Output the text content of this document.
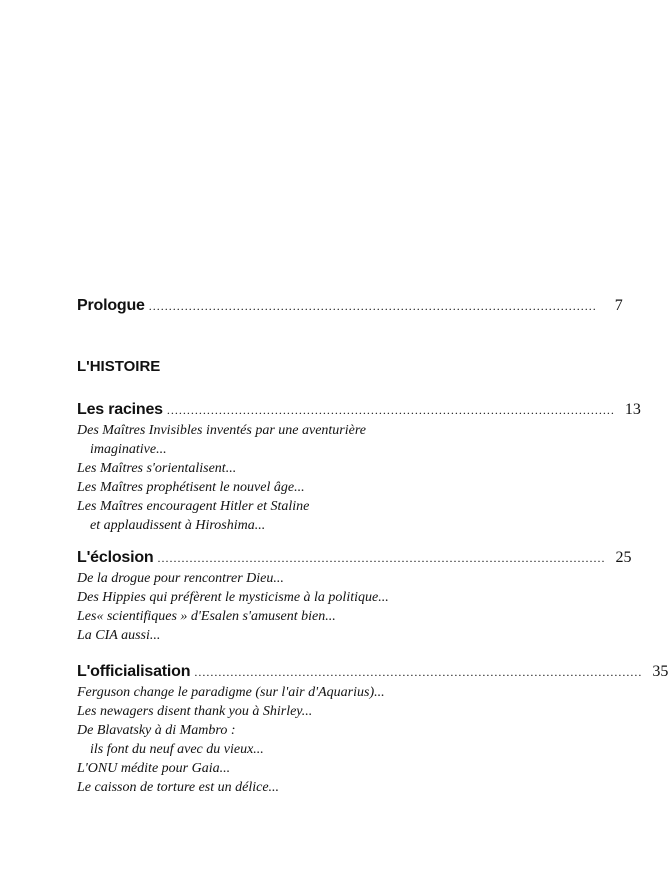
Prologue ................................................................................................................	7
L'HISTOIRE
Les racines ................................................................................................................ 13
Des Maîtres Invisibles inventés par une aventurière
imaginative...
Les Maîtres s'orientalisent...
Les Maîtres prophétisent le nouvel âge...
Les Maîtres encouragent Hitler et Staline
et applaudissent à Hiroshima...
L'éclosion ................................................................................................................ 25
De la drogue pour rencontrer Dieu...
Des Hippies qui préfèrent le mysticisme à la politique...
Les« scientifiques » d'Esalen s'amusent bien...
La CIA aussi...
L'officialisation ................................................................................................................ 35
Ferguson change le paradigme (sur l'air d'Aquarius)...
Les newagers disent thank you à Shirley...
De Blavatsky à di Mambro :
ils font du neuf avec du vieux...
L'ONU médite pour Gaia...
Le caisson de torture est un délice...
